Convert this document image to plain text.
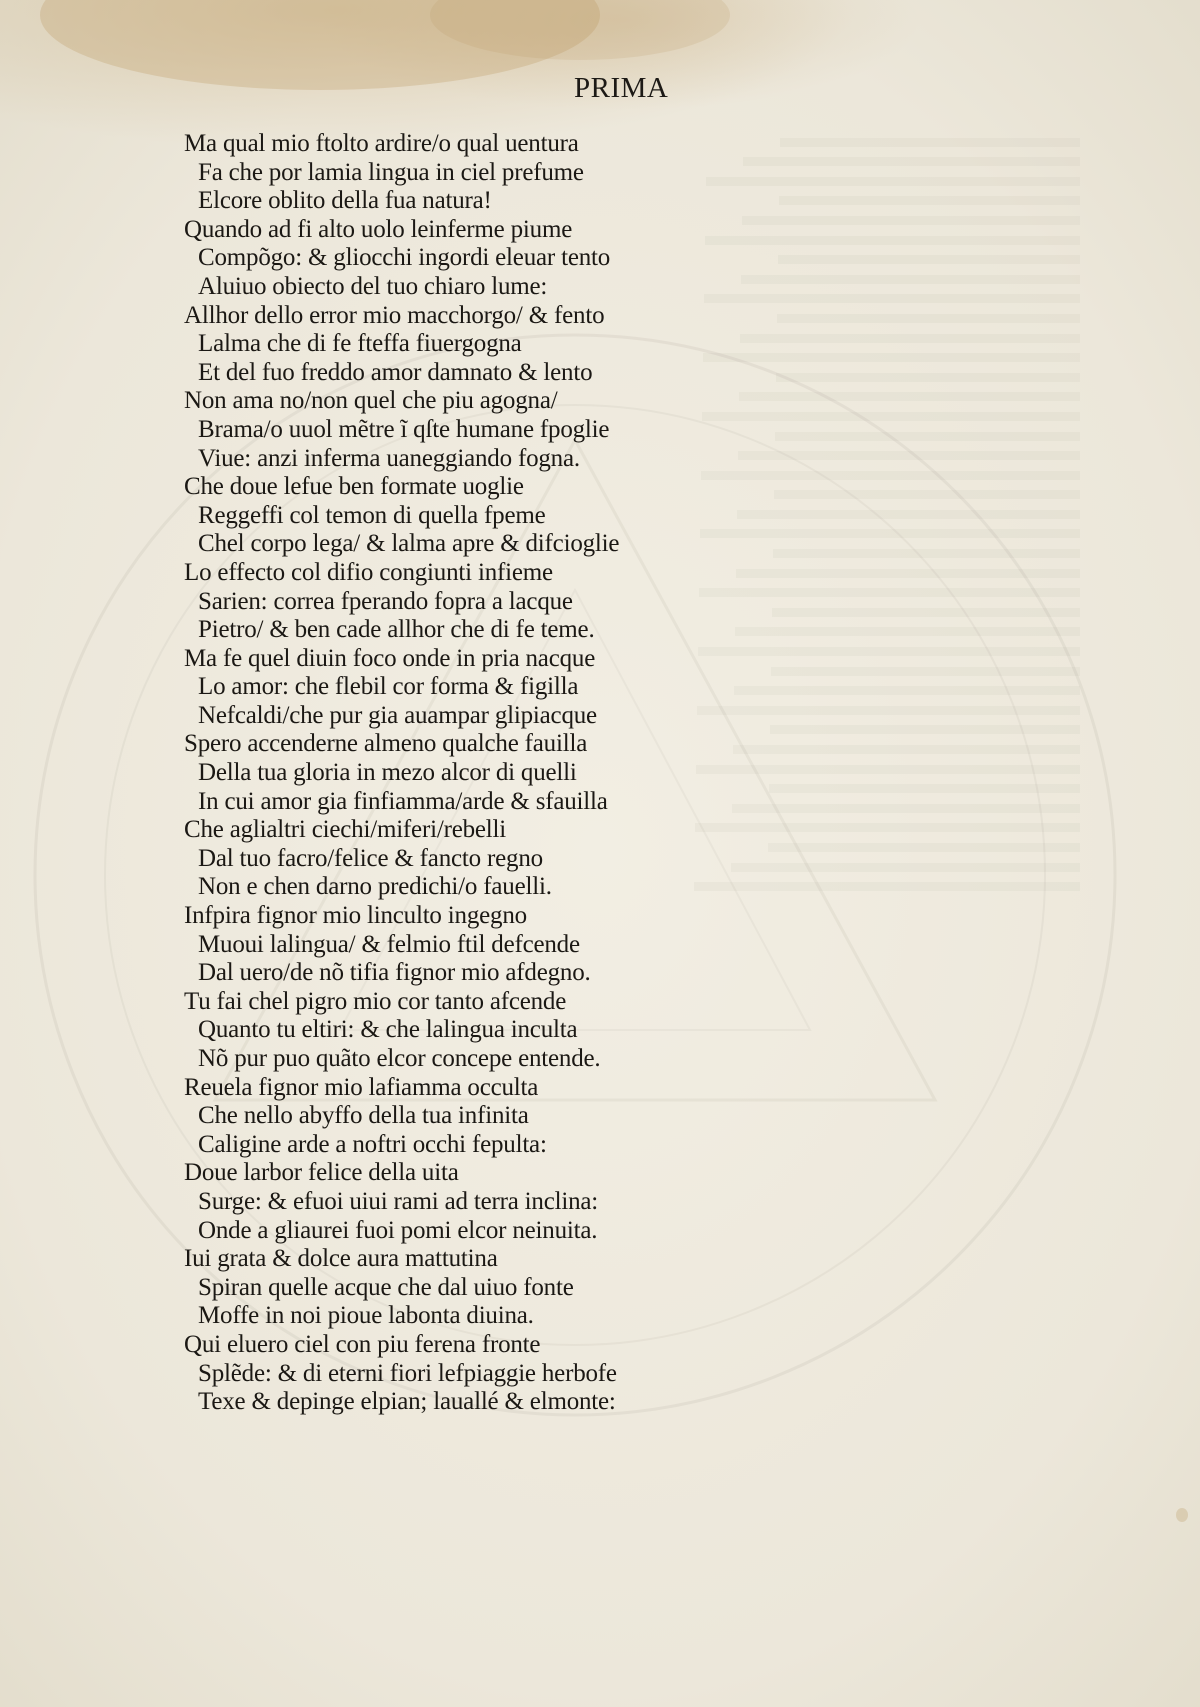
PRIMA
Ma qual mio ftolto ardire/o qual uentura
Fa che por lamia lingua in ciel prefume
Elcore oblito della fua natura!
Quando ad fi alto uolo leinferme piume
Compõgo: & gliocchi ingordi eleuar tento
Aluiuo obiecto del tuo chiaro lume:
Allhor dello error mio macchorgo/ & fento
Lalma che di fe fteffa fiuergogna
Et del fuo freddo amor damnato & lento
Non ama no/non quel che piu agogna/
Brama/o uuol mẽtre ĩ qſte humane fpoglie
Viue: anzi inferma uaneggiando fogna.
Che doue lefue ben formate uoglie
Reggeffi col temon di quella fpeme
Chel corpo lega/ & lalma apre & difcioglie
Lo effecto col difio congiunti infieme
Sarien: correa fperando fopra a lacque
Pietro/ & ben cade allhor che di fe teme.
Ma fe quel diuin foco onde in pria nacque
Lo amor: che flebil cor forma & figilla
Nefcaldi/che pur gia auampar glipiacque
Spero accenderne almeno qualche fauilla
Della tua gloria in mezo alcor di quelli
In cui amor gia finfiamma/arde & sfauilla
Che aglialtri ciechi/miferi/rebelli
Dal tuo facro/felice & fancto regno
Non e chen darno predichi/o fauelli.
Infpira fignor mio linculto ingegno
Muoui lalingua/ & felmio ftil defcende
Dal uero/de nõ tifia fignor mio afdegno.
Tu fai chel pigro mio cor tanto afcende
Quanto tu eltiri: & che lalingua inculta
Nõ pur puo quãto elcor concepe entende.
Reuela fignor mio lafiamma occulta
Che nello abyffo della tua infinita
Caligine arde a noftri occhi fepulta:
Doue larbor felice della uita
Surge: & efuoi uiui rami ad terra inclina:
Onde a gliaurei fuoi pomi elcor neinuita.
Iui grata & dolce aura mattutina
Spiran quelle acque che dal uiuo fonte
Moffe in noi pioue labonta diuina.
Qui eluero ciel con piu ferena fronte
Splẽde: & di eterni fiori lefpiaggie herbofe
Texe & depinge elpian; lauallé & elmonte:
